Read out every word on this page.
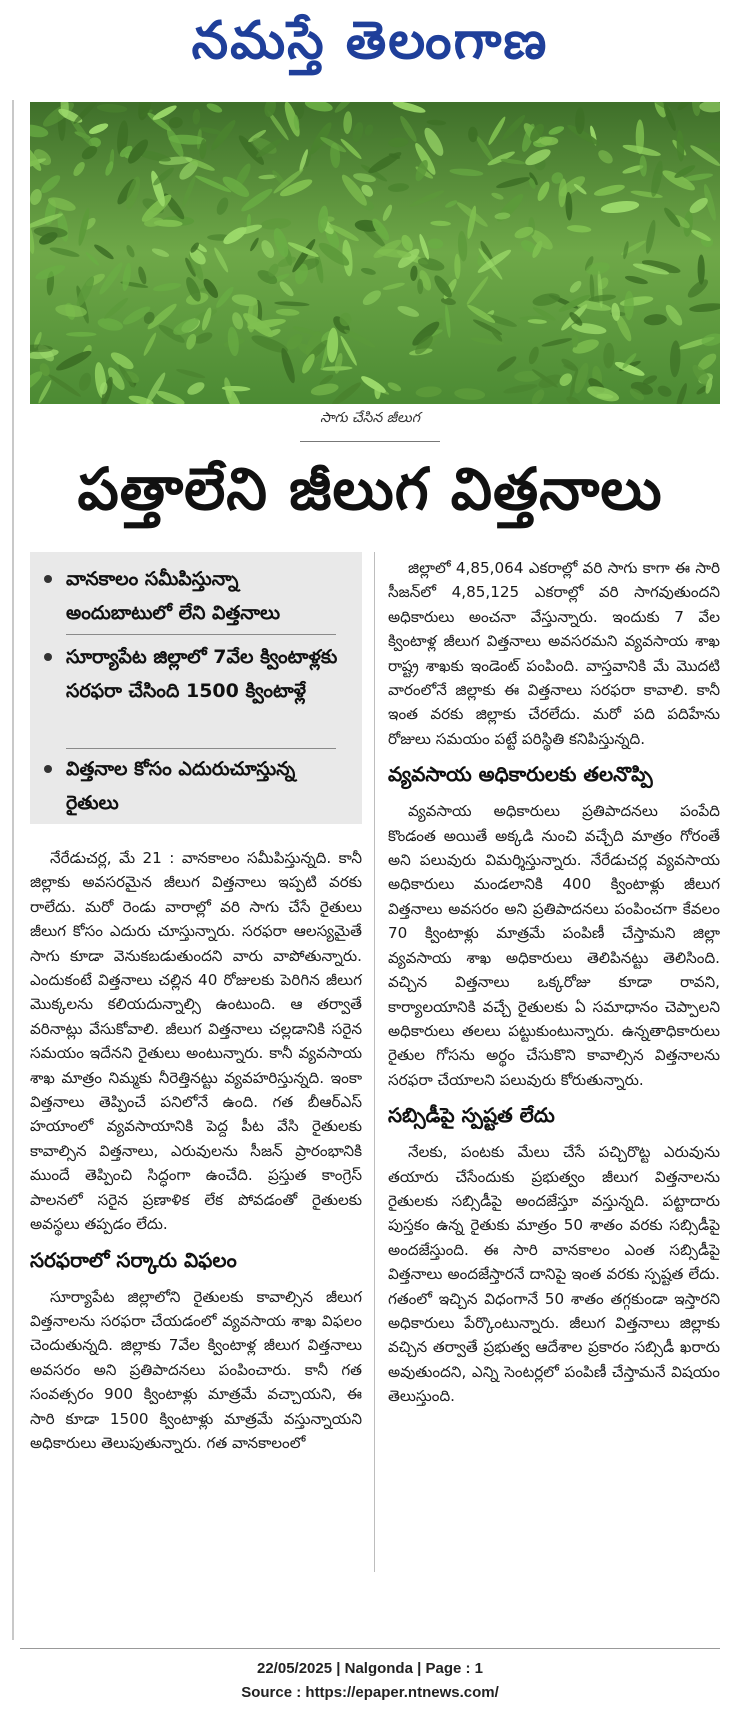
నమస్తే తెలంగాణ
సాగు చేసిన జీలుగ
పత్తాలేని జీలుగ విత్తనాలు
వానకాలం సమీపిస్తున్నా అందుబాటులో లేని విత్తనాలు
సూర్యాపేట జిల్లాలో 7వేల క్వింటాళ్లకు సరఫరా చేసింది 1500 క్వింటాళ్లే
విత్తనాల కోసం ఎదురుచూస్తున్న రైతులు

నేరేడుచర్ల, మే 21 : వానకాలం సమీపిస్తున్నది. కానీ జిల్లాకు అవసరమైన జీలుగ విత్తనాలు ఇప్పటి వరకు రాలేదు. మరో రెండు వారాల్లో వరి సాగు చేసే రైతులు జీలుగ కోసం ఎదురు చూస్తున్నారు. సరఫరా ఆలస్యమైతే సాగు కూడా వెనుకబడుతుందని వారు వాపోతున్నారు. ఎందుకంటే విత్తనాలు చల్లిన 40 రోజులకు పెరిగిన జీలుగ మొక్కలను కలియదున్నాల్సి ఉంటుంది. ఆ తర్వాతే వరినాట్లు వేసుకోవాలి. జీలుగ విత్తనాలు చల్లడానికి సరైన సమయం ఇదేనని రైతులు అంటున్నారు. కానీ వ్యవసాయ శాఖ మాత్రం నిమ్మకు నీరెత్తినట్టు వ్యవహరిస్తున్నది. ఇంకా విత్తనాలు తెప్పించే పనిలోనే ఉంది. గత బీఆర్ఎస్ హయాంలో వ్యవసాయానికి పెద్ద పీట వేసి రైతులకు కావాల్సిన విత్తనాలు, ఎరువులను సీజన్ ప్రారంభానికి ముందే తెప్పించి సిద్ధంగా ఉంచేది. ప్రస్తుత కాంగ్రెస్ పాలనలో సరైన ప్రణాళిక లేక పోవడంతో రైతులకు అవస్థలు తప్పడం లేదు.

సరఫరాలో సర్కారు విఫలం

సూర్యాపేట జిల్లాలోని రైతులకు కావాల్సిన జీలుగ విత్తనాలను సరఫరా చేయడంలో వ్యవసాయ శాఖ విఫలం చెందుతున్నది. జిల్లాకు 7వేల క్వింటాళ్ల జీలుగ విత్తనాలు అవసరం అని ప్రతిపాదనలు పంపించారు. కానీ గత సంవత్సరం 900 క్వింటాళ్లు మాత్రమే వచ్చాయని, ఈ సారి కూడా 1500 క్వింటాళ్లు మాత్రమే వస్తున్నాయని అధికారులు తెలుపుతున్నారు. గత వానకాలంలో

జిల్లాలో 4,85,064 ఎకరాల్లో వరి సాగు కాగా ఈ సారి సీజన్‌లో 4,85,125 ఎకరాల్లో వరి సాగవుతుందని అధికారులు అంచనా వేస్తున్నారు. ఇందుకు 7 వేల క్వింటాళ్ల జీలుగ విత్తనాలు అవసరమని వ్యవసాయ శాఖ రాష్ట్ర శాఖకు ఇండెంట్ పంపింది. వాస్తవానికి మే మొదటి వారంలోనే జిల్లాకు ఈ విత్తనాలు సరఫరా కావాలి. కానీ ఇంత వరకు జిల్లాకు చేరలేదు. మరో పది పదిహేను రోజులు సమయం పట్టే పరిస్థితి కనిపిస్తున్నది.

వ్యవసాయ అధికారులకు తలనొప్పి

వ్యవసాయ అధికారులు ప్రతిపాదనలు పంపేది కొండంత అయితే అక్కడి నుంచి వచ్చేది మాత్రం గోరంతే అని పలువురు విమర్శిస్తున్నారు. నేరేడుచర్ల వ్యవసాయ అధికారులు మండలానికి 400 క్వింటాళ్లు జీలుగ విత్తనాలు అవసరం అని ప్రతిపాదనలు పంపించగా కేవలం 70 క్వింటాళ్లు మాత్రమే పంపిణీ చేస్తామని జిల్లా వ్యవసాయ శాఖ అధికారులు తెలిపినట్టు తెలిసింది. వచ్చిన విత్తనాలు ఒక్కరోజు కూడా రావని, కార్యాలయానికి వచ్చే రైతులకు ఏ సమాధానం చెప్పాలని అధికారులు తలలు పట్టుకుంటున్నారు. ఉన్నతాధికారులు రైతుల గోసను అర్థం చేసుకొని కావాల్సిన విత్తనాలను సరఫరా చేయాలని పలువురు కోరుతున్నారు.

సబ్సిడీపై స్పష్టత లేదు

నేలకు, పంటకు మేలు చేసే పచ్చిరొట్ట ఎరువును తయారు చేసేందుకు ప్రభుత్వం జీలుగ విత్తనాలను రైతులకు సబ్సిడీపై అందజేస్తూ వస్తున్నది. పట్టాదారు పుస్తకం ఉన్న రైతుకు మాత్రం 50 శాతం వరకు సబ్సిడీపై అందజేస్తుంది. ఈ సారి వానకాలం ఎంత సబ్సిడీపై విత్తనాలు అందజేస్తారనే దానిపై ఇంత వరకు స్పష్టత లేదు. గతంలో ఇచ్చిన విధంగానే 50 శాతం తగ్గకుండా ఇస్తారని అధికారులు పేర్కొంటున్నారు. జీలుగ విత్తనాలు జిల్లాకు వచ్చిన తర్వాతే ప్రభుత్వ ఆదేశాల ప్రకారం సబ్సిడీ ఖరారు అవుతుందని, ఎన్ని సెంటర్లలో పంపిణీ చేస్తామనే విషయం తెలుస్తుంది.

22/05/2025 | Nalgonda | Page : 1
Source : https://epaper.ntnews.com/
